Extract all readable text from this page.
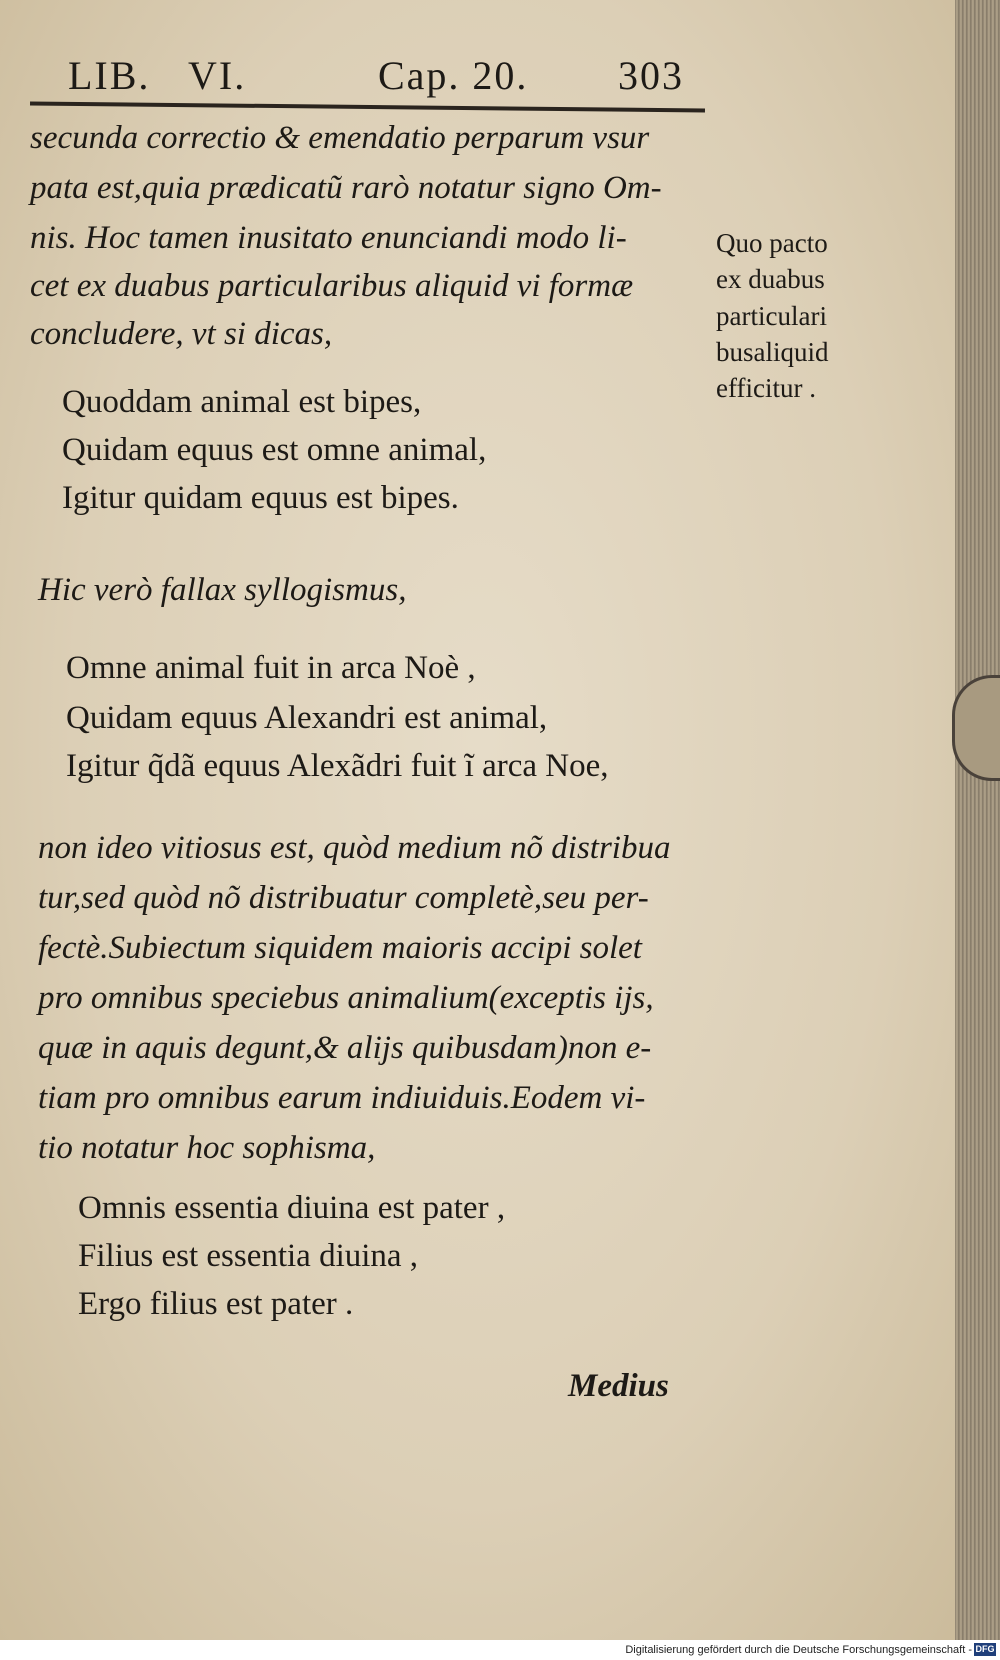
LIB. VI.	Cap. 20. 303
secunda correctio & emendatio perparum vsur
pata est,quia prædicatũ rarò notatur signo Om-
nis. Hoc tamen inusitato enunciandi modo li-
cet ex duabus particularibus aliquid vi formæ
concludere, vt si dicas,
Quo pacto
ex duabus
particulari
busaliquid
efficitur .
Quoddam animal est bipes,
Quidam equus est omne animal,
Igitur quidam equus est bipes.
Hic verò fallax syllogismus,
Omne animal fuit in arca Noè ,
Quidam equus Alexandri est animal,
Igitur q̃dã equus Alexãdri fuit ĩ arca Noe,
non ideo vitiosus est, quòd medium nõ distribua
tur,sed quòd nõ distribuatur completè,seu per-
fectè.Subiectum siquidem maioris accipi solet
pro omnibus speciebus animalium(exceptis ijs,
quæ in aquis degunt,& alijs quibusdam)non e-
tiam pro omnibus earum indiuiduis.Eodem vi-
tio notatur hoc sophisma,
Omnis essentia diuina est pater ,
Filius est essentia diuina ,
Ergo filius est pater .
Medius
Digitalisierung gefördert durch die Deutsche Forschungsgemeinschaft - DFG
